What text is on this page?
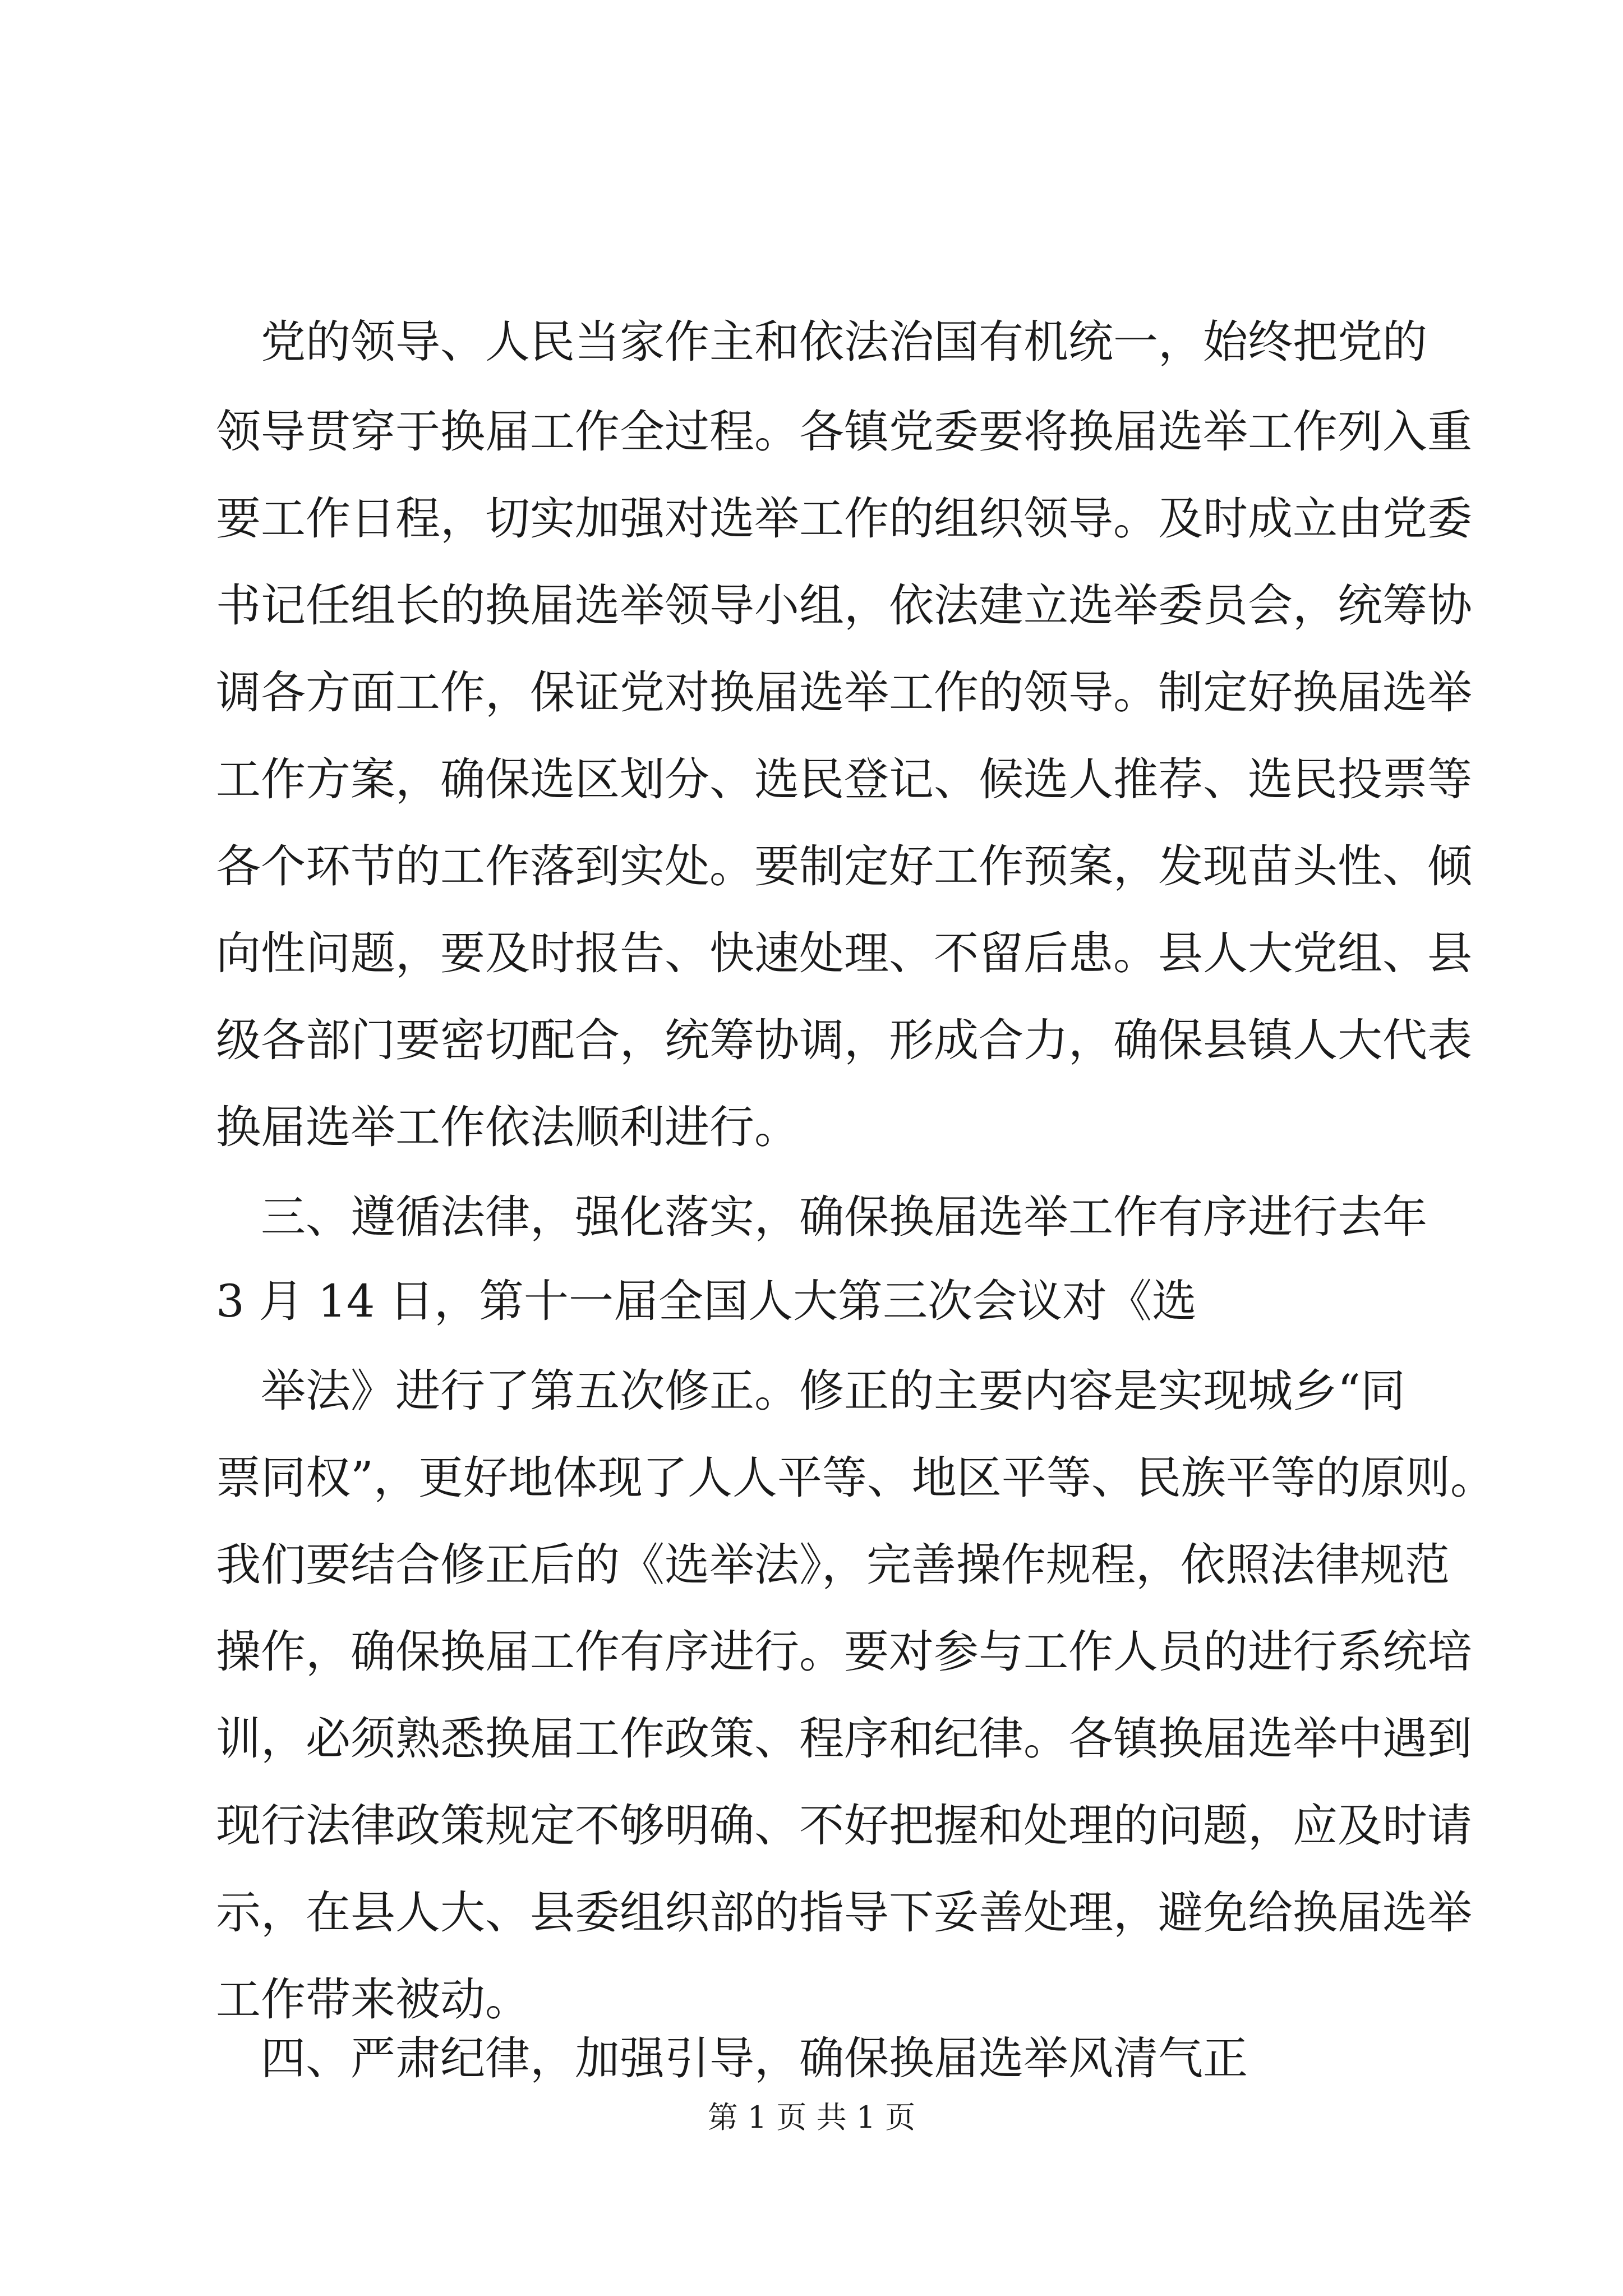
党的领导、人民当家作主和依法治国有机统一，始终把党的
领导贯穿于换届工作全过程。各镇党委要将换届选举工作列入重
要工作日程，切实加强对选举工作的组织领导。及时成立由党委
书记任组长的换届选举领导小组，依法建立选举委员会，统筹协
调各方面工作，保证党对换届选举工作的领导。制定好换届选举
工作方案，确保选区划分、选民登记、候选人推荐、选民投票等
各个环节的工作落到实处。要制定好工作预案，发现苗头性、倾
向性问题，要及时报告、快速处理、不留后患。县人大党组、县
级各部门要密切配合，统筹协调，形成合力，确保县镇人大代表
换届选举工作依法顺利进行。
三、遵循法律，强化落实，确保换届选举工作有序进行去年
3 月 14 日，第十一届全国人大第三次会议对《选
举法》进行了第五次修正。修正的主要内容是实现城乡“同
票同权”，更好地体现了人人平等、地区平等、民族平等的原则。
我们要结合修正后的《选举法》，完善操作规程，依照法律规范
操作，确保换届工作有序进行。要对参与工作人员的进行系统培
训，必须熟悉换届工作政策、程序和纪律。各镇换届选举中遇到
现行法律政策规定不够明确、不好把握和处理的问题，应及时请
示，在县人大、县委组织部的指导下妥善处理，避免给换届选举
工作带来被动。
四、严肃纪律，加强引导，确保换届选举风清气正
第 1 页 共 1 页
